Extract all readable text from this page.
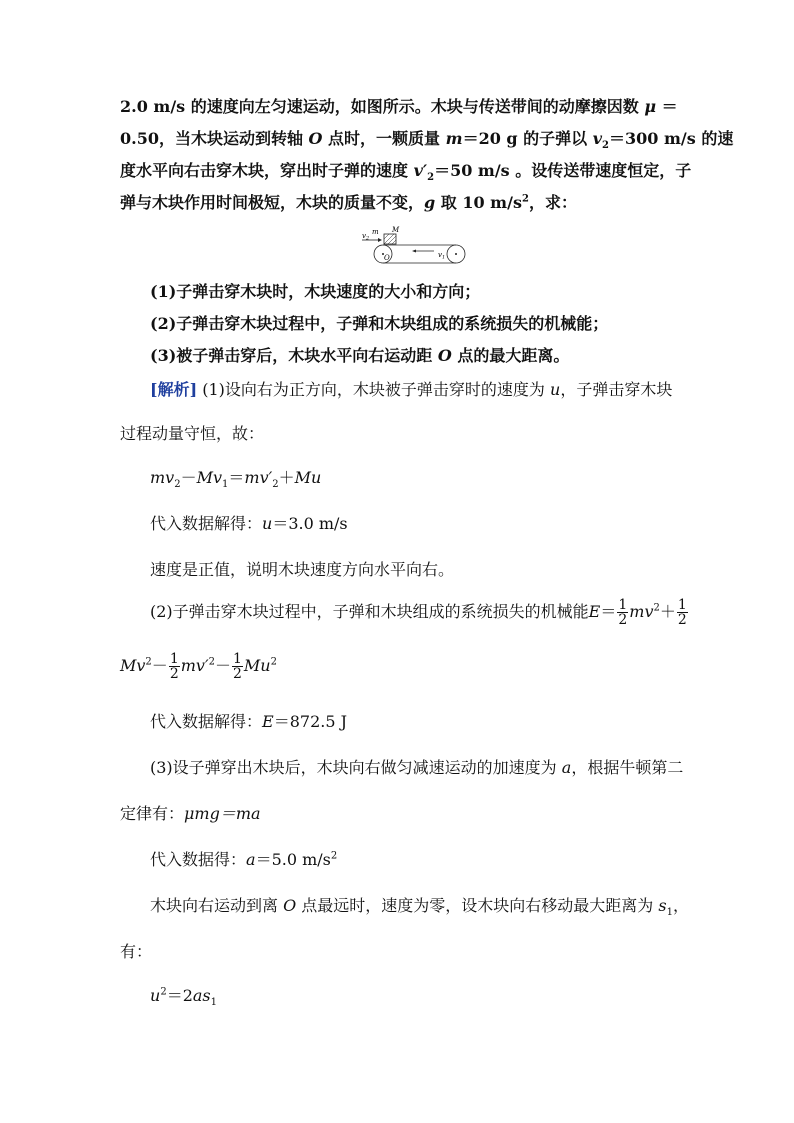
2.0 m/s 的速度向左匀速运动，如图所示。木块与传送带间的动摩擦因数 μ ＝
0.50，当木块运动到转轴 O 点时，一颗质量 m＝20 g 的子弹以 $v_2=300$ m/s 的速
度水平向右击穿木块，穿出时子弹的速度 $v'_2=50$ m/s 。设传送带速度恒定，子
弹与木块作用时间极短，木块的质量不变，g 取 10 $m/s^2$，求：
$v_2$
m M
O	$v_1$
(1)子弹击穿木块时，木块速度的大小和方向；
(2)子弹击穿木块过程中，子弹和木块组成的系统损失的机械能；
(3)被子弹击穿后，木块水平向右运动距 O 点的最大距离。
[解析] (1)设向右为正方向，木块被子弹击穿时的速度为 u，子弹击穿木块
过程动量守恒，故：
$mv_2-Mv_1=mv'_2+Mu$
代入数据解得：u＝3.0 m/s
速度是正值，说明木块速度方向水平向右。
(2)子弹击穿木块过程中，子弹和木块组成的系统损失的机械能$E= \frac{1}{2} mv^2+ \frac{1}{2}$
$Mv^2- \frac{1}{2} mv'^2- \frac{1}{2} Mu^2$
代入数据解得：E＝872.5 J
(3)设子弹穿出木块后，木块向右做匀减速运动的加速度为 a，根据牛顿第二
定律有：μmg＝ma
代入数据得：a＝5.0 $m/s^2$
木块向右运动到离 O 点最远时，速度为零，设木块向右移动最大距离为 $s_1$，
有：
$u^2=2as_1$
